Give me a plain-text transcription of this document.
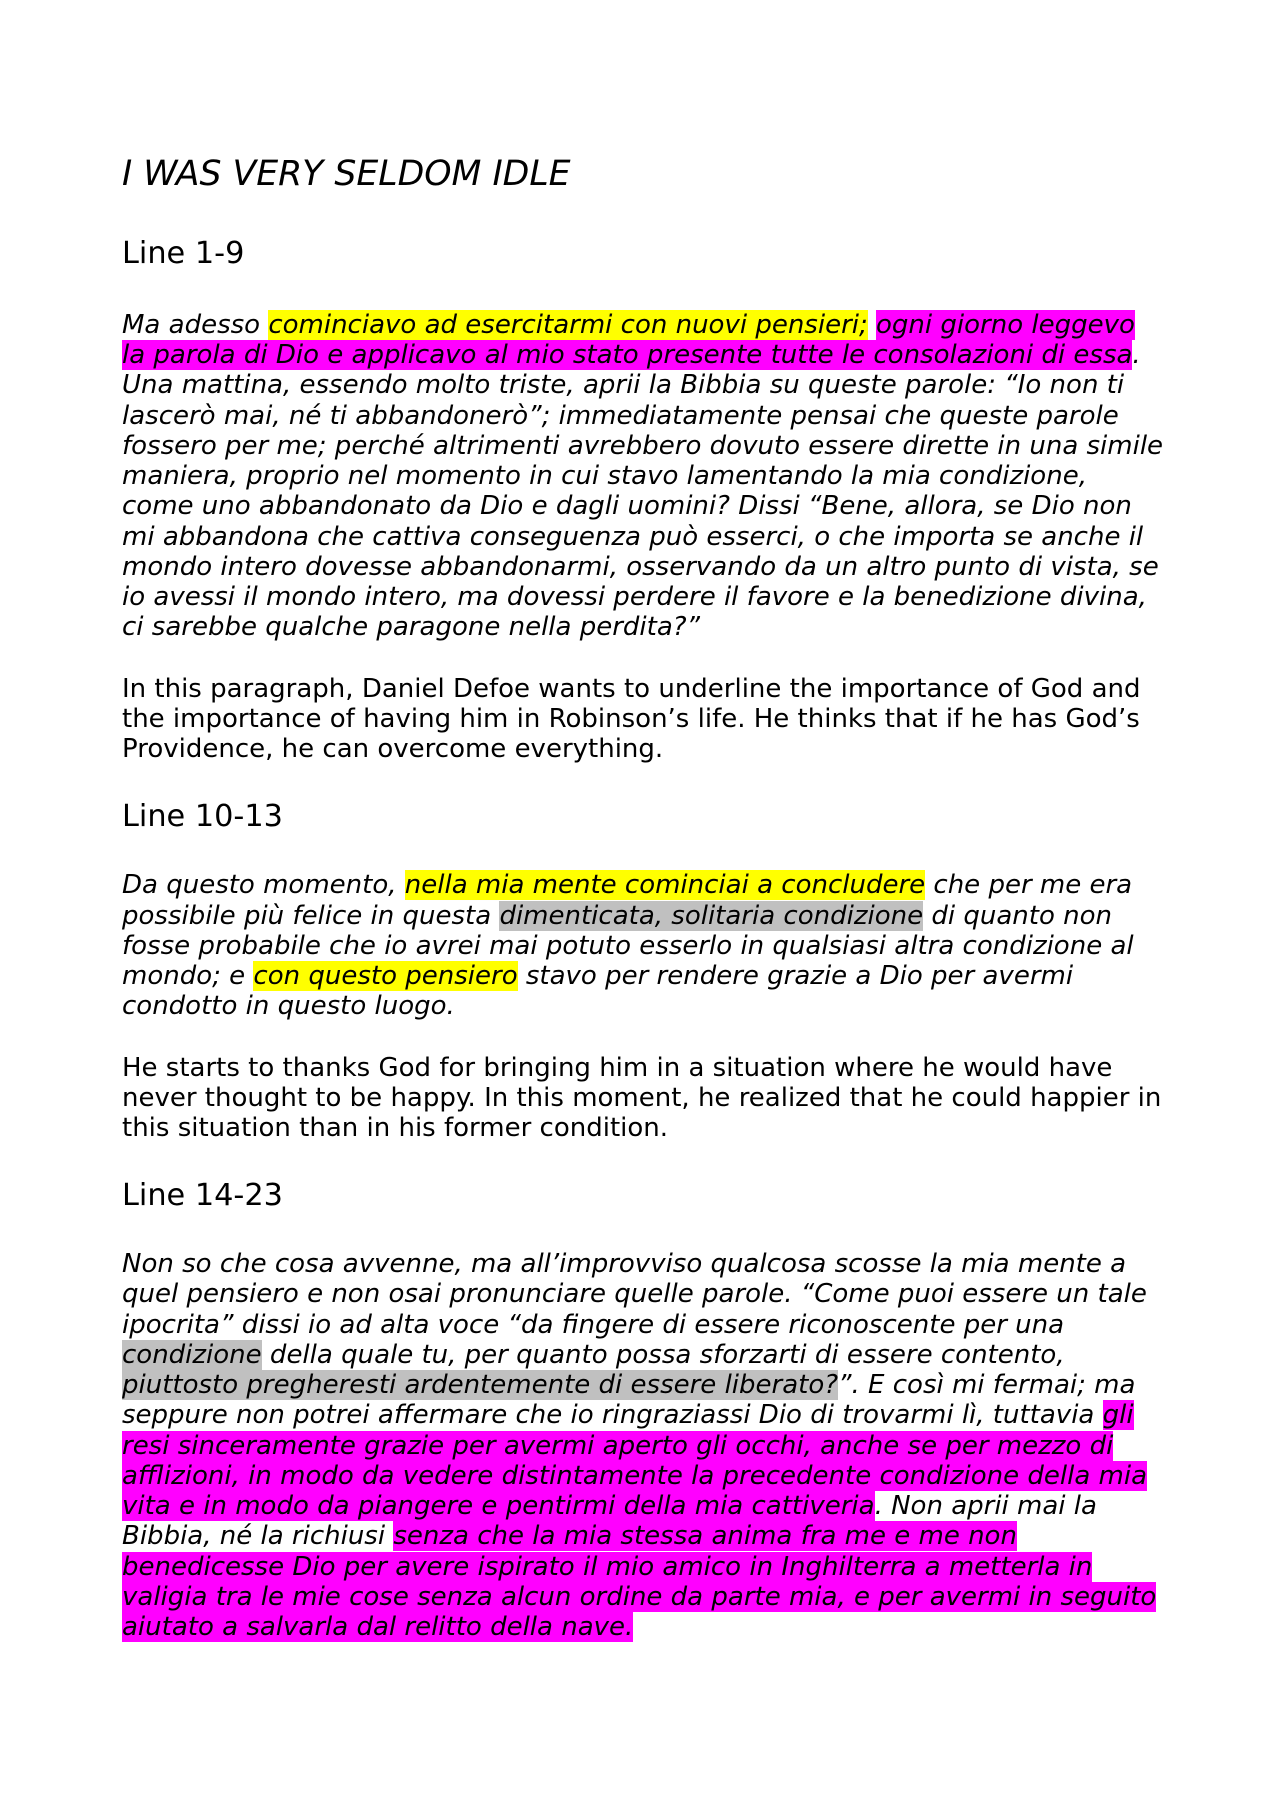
I WAS VERY SELDOM IDLE
Line 1-9
Ma adesso cominciavo ad esercitarmi con nuovi pensieri; ogni giorno leggevo
la parola di Dio e applicavo al mio stato presente tutte le consolazioni di essa.
Una mattina, essendo molto triste, aprii la Bibbia su queste parole: “Io non ti
lascerò mai, né ti abbandonerò”; immediatamente pensai che queste parole
fossero per me; perché altrimenti avrebbero dovuto essere dirette in una simile
maniera, proprio nel momento in cui stavo lamentando la mia condizione,
come uno abbandonato da Dio e dagli uomini? Dissi “Bene, allora, se Dio non
mi abbandona che cattiva conseguenza può esserci, o che importa se anche il
mondo intero dovesse abbandonarmi, osservando da un altro punto di vista, se
io avessi il mondo intero, ma dovessi perdere il favore e la benedizione divina,
ci sarebbe qualche paragone nella perdita?”
In this paragraph, Daniel Defoe wants to underline the importance of God and
the importance of having him in Robinson’s life. He thinks that if he has God’s
Providence, he can overcome everything.
Line 10-13
Da questo momento, nella mia mente cominciai a concludere che per me era
possibile più felice in questa dimenticata, solitaria condizione di quanto non
fosse probabile che io avrei mai potuto esserlo in qualsiasi altra condizione al
mondo; e con questo pensiero stavo per rendere grazie a Dio per avermi
condotto in questo luogo.
He starts to thanks God for bringing him in a situation where he would have
never thought to be happy. In this moment, he realized that he could happier in
this situation than in his former condition.
Line 14-23
Non so che cosa avvenne, ma all’improvviso qualcosa scosse la mia mente a
quel pensiero e non osai pronunciare quelle parole. “Come puoi essere un tale
ipocrita” dissi io ad alta voce “da fingere di essere riconoscente per una
condizione della quale tu, per quanto possa sforzarti di essere contento,
piuttosto pregheresti ardentemente di essere liberato?”. E così mi fermai; ma
seppure non potrei affermare che io ringraziassi Dio di trovarmi lì, tuttavia gli
resi sinceramente grazie per avermi aperto gli occhi, anche se per mezzo di
afflizioni, in modo da vedere distintamente la precedente condizione della mia
vita e in modo da piangere e pentirmi della mia cattiveria. Non aprii mai la
Bibbia, né la richiusi senza che la mia stessa anima fra me e me non
benedicesse Dio per avere ispirato il mio amico in Inghilterra a metterla in
valigia tra le mie cose senza alcun ordine da parte mia, e per avermi in seguito
aiutato a salvarla dal relitto della nave.
